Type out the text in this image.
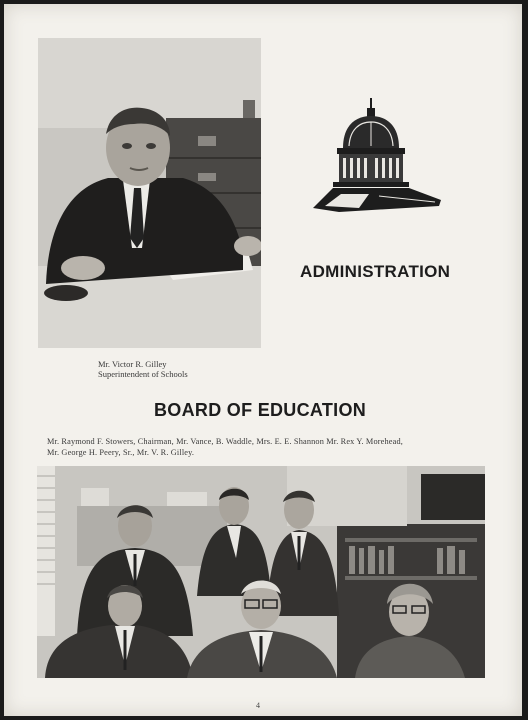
Mr. Victor R. Gilley
Superintendent of Schools
ADMINISTRATION
BOARD OF EDUCATION
Mr. Raymond F. Stowers, Chairman, Mr. Vance, B. Waddle, Mrs. E. E. Shannon Mr. Rex Y. Morehead,
Mr. George H. Peery, Sr., Mr. V. R. Gilley.
4
